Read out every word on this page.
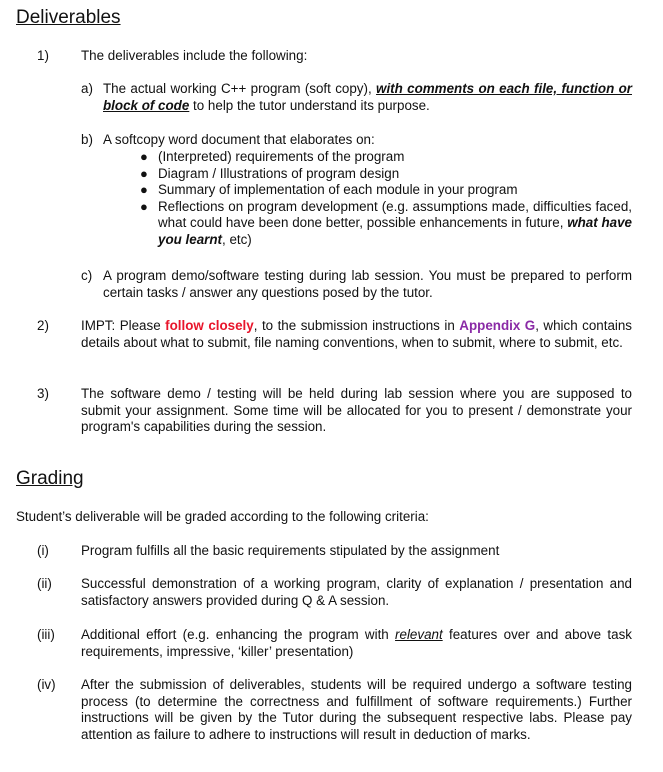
Deliverables
1) The deliverables include the following:
a) The actual working C++ program (soft copy), with comments on each file, function or block of code to help the tutor understand its purpose.
b) A softcopy word document that elaborates on:
● (Interpreted) requirements of the program
● Diagram / Illustrations of program design
● Summary of implementation of each module in your program
● Reflections on program development (e.g. assumptions made, difficulties faced, what could have been done better, possible enhancements in future, what have you learnt, etc)
c) A program demo/software testing during lab session. You must be prepared to perform certain tasks / answer any questions posed by the tutor.
2) IMPT: Please follow closely, to the submission instructions in Appendix G, which contains details about what to submit, file naming conventions, when to submit, where to submit, etc.
3) The software demo / testing will be held during lab session where you are supposed to submit your assignment. Some time will be allocated for you to present / demonstrate your program's capabilities during the session.
Grading
Student’s deliverable will be graded according to the following criteria:
(i) Program fulfills all the basic requirements stipulated by the assignment
(ii) Successful demonstration of a working program, clarity of explanation / presentation and satisfactory answers provided during Q & A session.
(iii) Additional effort (e.g. enhancing the program with relevant features over and above task requirements, impressive, ‘killer’ presentation)
(iv) After the submission of deliverables, students will be required undergo a software testing process (to determine the correctness and fulfillment of software requirements.) Further instructions will be given by the Tutor during the subsequent respective labs. Please pay attention as failure to adhere to instructions will result in deduction of marks.
